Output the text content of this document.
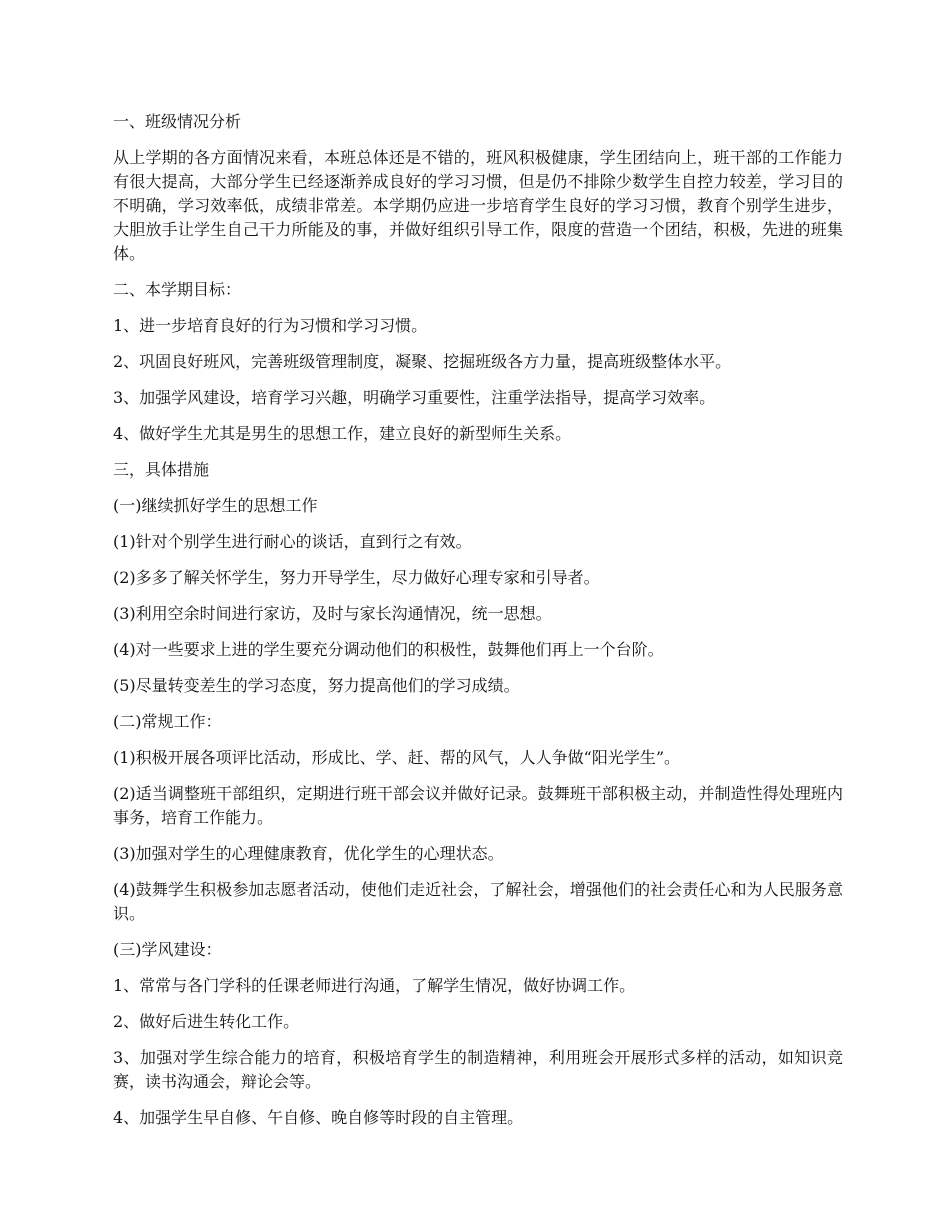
一、班级情况分析

从上学期的各方面情况来看，本班总体还是不错的，班风积极健康，学生团结向上，班干部的工作能力有很大提高，大部分学生已经逐渐养成良好的学习习惯，但是仍不排除少数学生自控力较差，学习目的不明确，学习效率低，成绩非常差。本学期仍应进一步培育学生良好的学习习惯，教育个别学生进步，大胆放手让学生自己干力所能及的事，并做好组织引导工作，限度的营造一个团结，积极，先进的班集体。

二、本学期目标：

1、进一步培育良好的行为习惯和学习习惯。

2、巩固良好班风，完善班级管理制度，凝聚、挖掘班级各方力量，提高班级整体水平。

3、加强学风建设，培育学习兴趣，明确学习重要性，注重学法指导，提高学习效率。

4、做好学生尤其是男生的思想工作，建立良好的新型师生关系。

三，具体措施

(一)继续抓好学生的思想工作

(1)针对个别学生进行耐心的谈话，直到行之有效。

(2)多多了解关怀学生，努力开导学生，尽力做好心理专家和引导者。

(3)利用空余时间进行家访，及时与家长沟通情况，统一思想。

(4)对一些要求上进的学生要充分调动他们的积极性，鼓舞他们再上一个台阶。

(5)尽量转变差生的学习态度，努力提高他们的学习成绩。

(二)常规工作：

(1)积极开展各项评比活动，形成比、学、赶、帮的风气，人人争做“阳光学生”。

(2)适当调整班干部组织，定期进行班干部会议并做好记录。鼓舞班干部积极主动，并制造性得处理班内事务，培育工作能力。

(3)加强对学生的心理健康教育，优化学生的心理状态。

(4)鼓舞学生积极参加志愿者活动，使他们走近社会，了解社会，增强他们的社会责任心和为人民服务意识。

(三)学风建设：

1、常常与各门学科的任课老师进行沟通，了解学生情况，做好协调工作。

2、做好后进生转化工作。

3、加强对学生综合能力的培育，积极培育学生的制造精神，利用班会开展形式多样的活动，如知识竞赛，读书沟通会，辩论会等。

4、加强学生早自修、午自修、晚自修等时段的自主管理。
